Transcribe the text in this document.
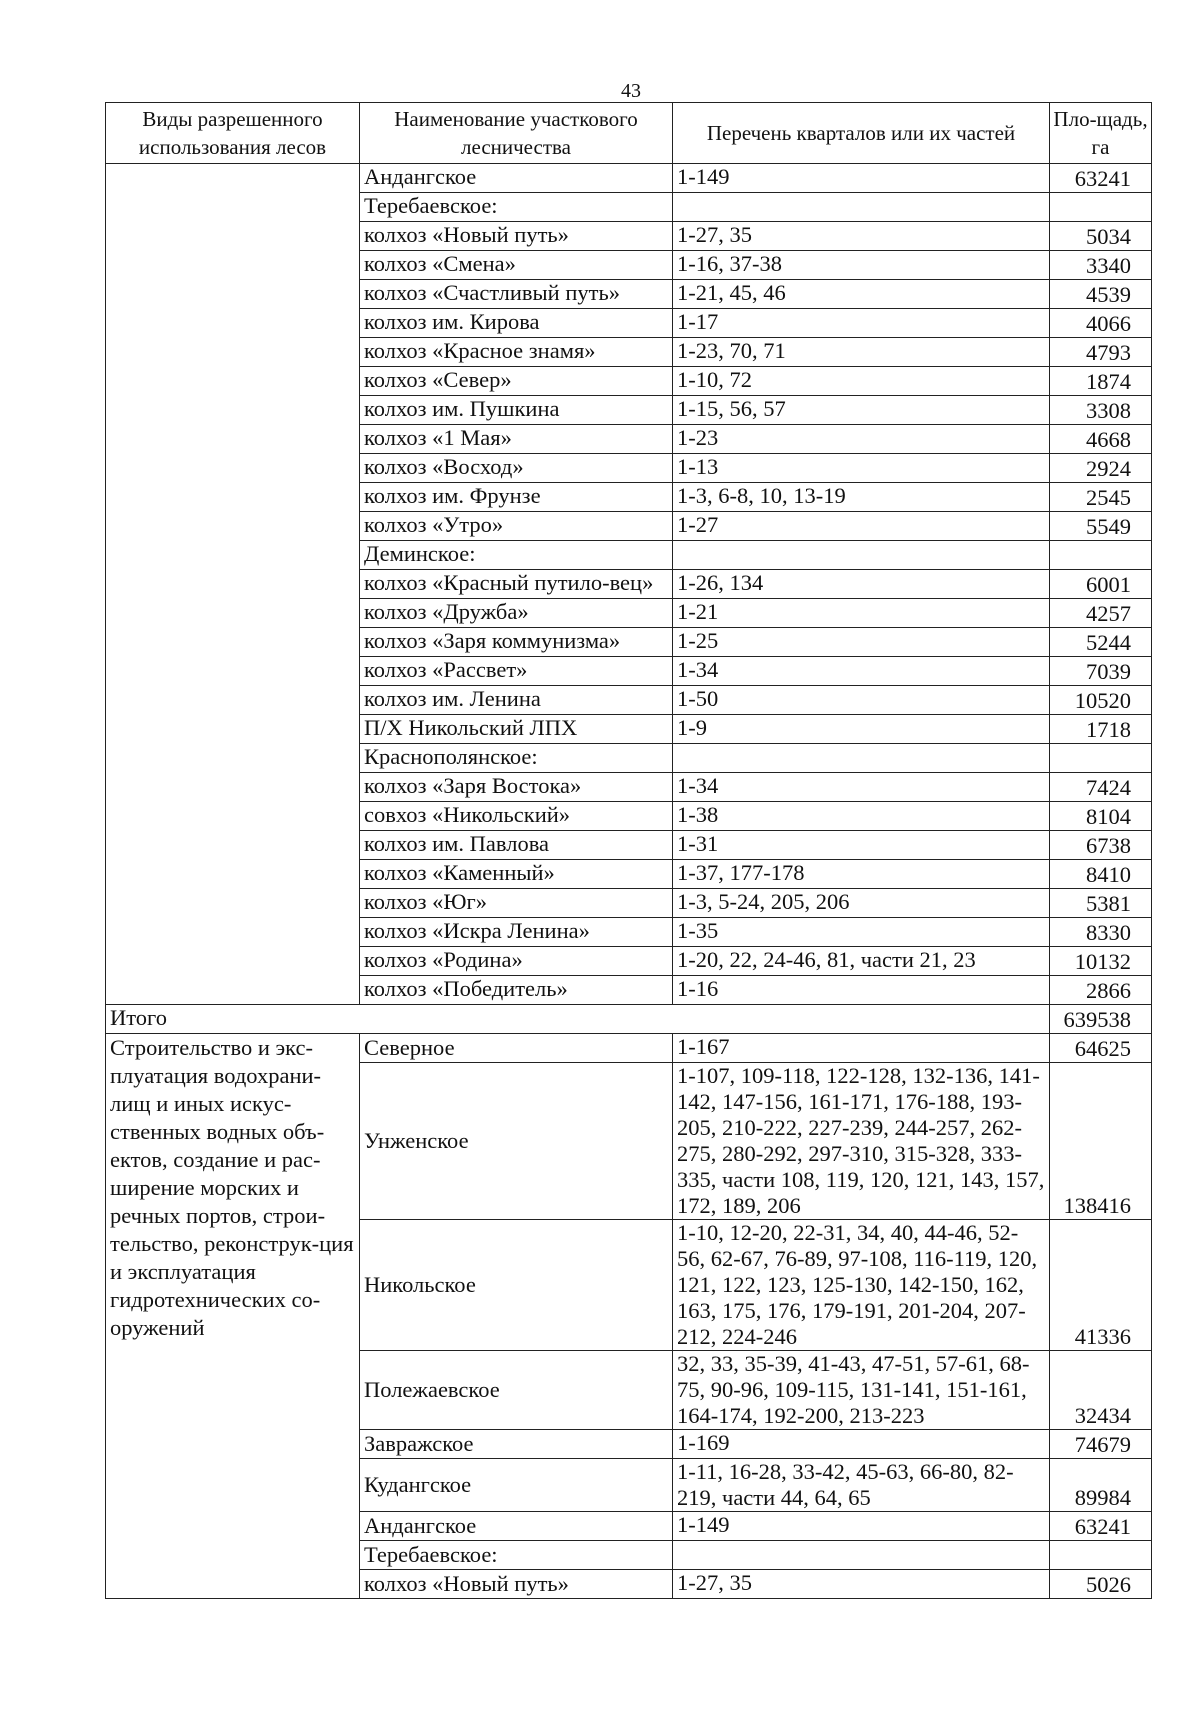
43
Виды разрешенного использования лесов	Наименование участкового лесничества	Перечень кварталов или их частей	Пло-щадь, га
	Андангское	1-149	63241
	Теребаевское:		
	колхоз «Новый путь»	1-27, 35	5034
	колхоз «Смена»	1-16, 37-38	3340
	колхоз «Счастливый путь»	1-21, 45, 46	4539
	колхоз им. Кирова	1-17	4066
	колхоз «Красное знамя»	1-23, 70, 71	4793
	колхоз «Север»	1-10, 72	1874
	колхоз им. Пушкина	1-15, 56, 57	3308
	колхоз «1 Мая»	1-23	4668
	колхоз «Восход»	1-13	2924
	колхоз им. Фрунзе	1-3, 6-8, 10, 13-19	2545
	колхоз «Утро»	1-27	5549
	Деминское:		
	колхоз «Красный путило-вец»	1-26, 134	6001
	колхоз «Дружба»	1-21	4257
	колхоз «Заря коммунизма»	1-25	5244
	колхоз «Рассвет»	1-34	7039
	колхоз им. Ленина	1-50	10520
	П/Х Никольский ЛПХ	1-9	1718
	Краснополянское:		
	колхоз «Заря Востока»	1-34	7424
	совхоз «Никольский»	1-38	8104
	колхоз им. Павлова	1-31	6738
	колхоз «Каменный»	1-37, 177-178	8410
	колхоз «Юг»	1-3, 5-24, 205, 206	5381
	колхоз «Искра Ленина»	1-35	8330
	колхоз «Родина»	1-20, 22, 24-46, 81, части 21, 23	10132
	колхоз «Победитель»	1-16	2866
Итого			639538
Строительство и экс-плуатация водохрани-лищ и иных искус-ственных водных объ-ектов, создание и рас-ширение морских и речных портов, строи-тельство, реконструк-ция и эксплуатация гидротехнических со-оружений	Северное	1-167	64625
	Унженское	1-107, 109-118, 122-128, 132-136, 141-142, 147-156, 161-171, 176-188, 193-205, 210-222, 227-239, 244-257, 262-275, 280-292, 297-310, 315-328, 333-335, части 108, 119, 120, 121, 143, 157, 172, 189, 206	138416
	Никольское	1-10, 12-20, 22-31, 34, 40, 44-46, 52-56, 62-67, 76-89, 97-108, 116-119, 120, 121, 122, 123, 125-130, 142-150, 162, 163, 175, 176, 179-191, 201-204, 207-212, 224-246	41336
	Полежаевское	32, 33, 35-39, 41-43, 47-51, 57-61, 68-75, 90-96, 109-115, 131-141, 151-161, 164-174, 192-200, 213-223	32434
	Завражское	1-169	74679
	Кудангское	1-11, 16-28, 33-42, 45-63, 66-80, 82-219, части 44, 64, 65	89984
	Андангское	1-149	63241
	Теребаевское:		
	колхоз «Новый путь»	1-27, 35	5026
